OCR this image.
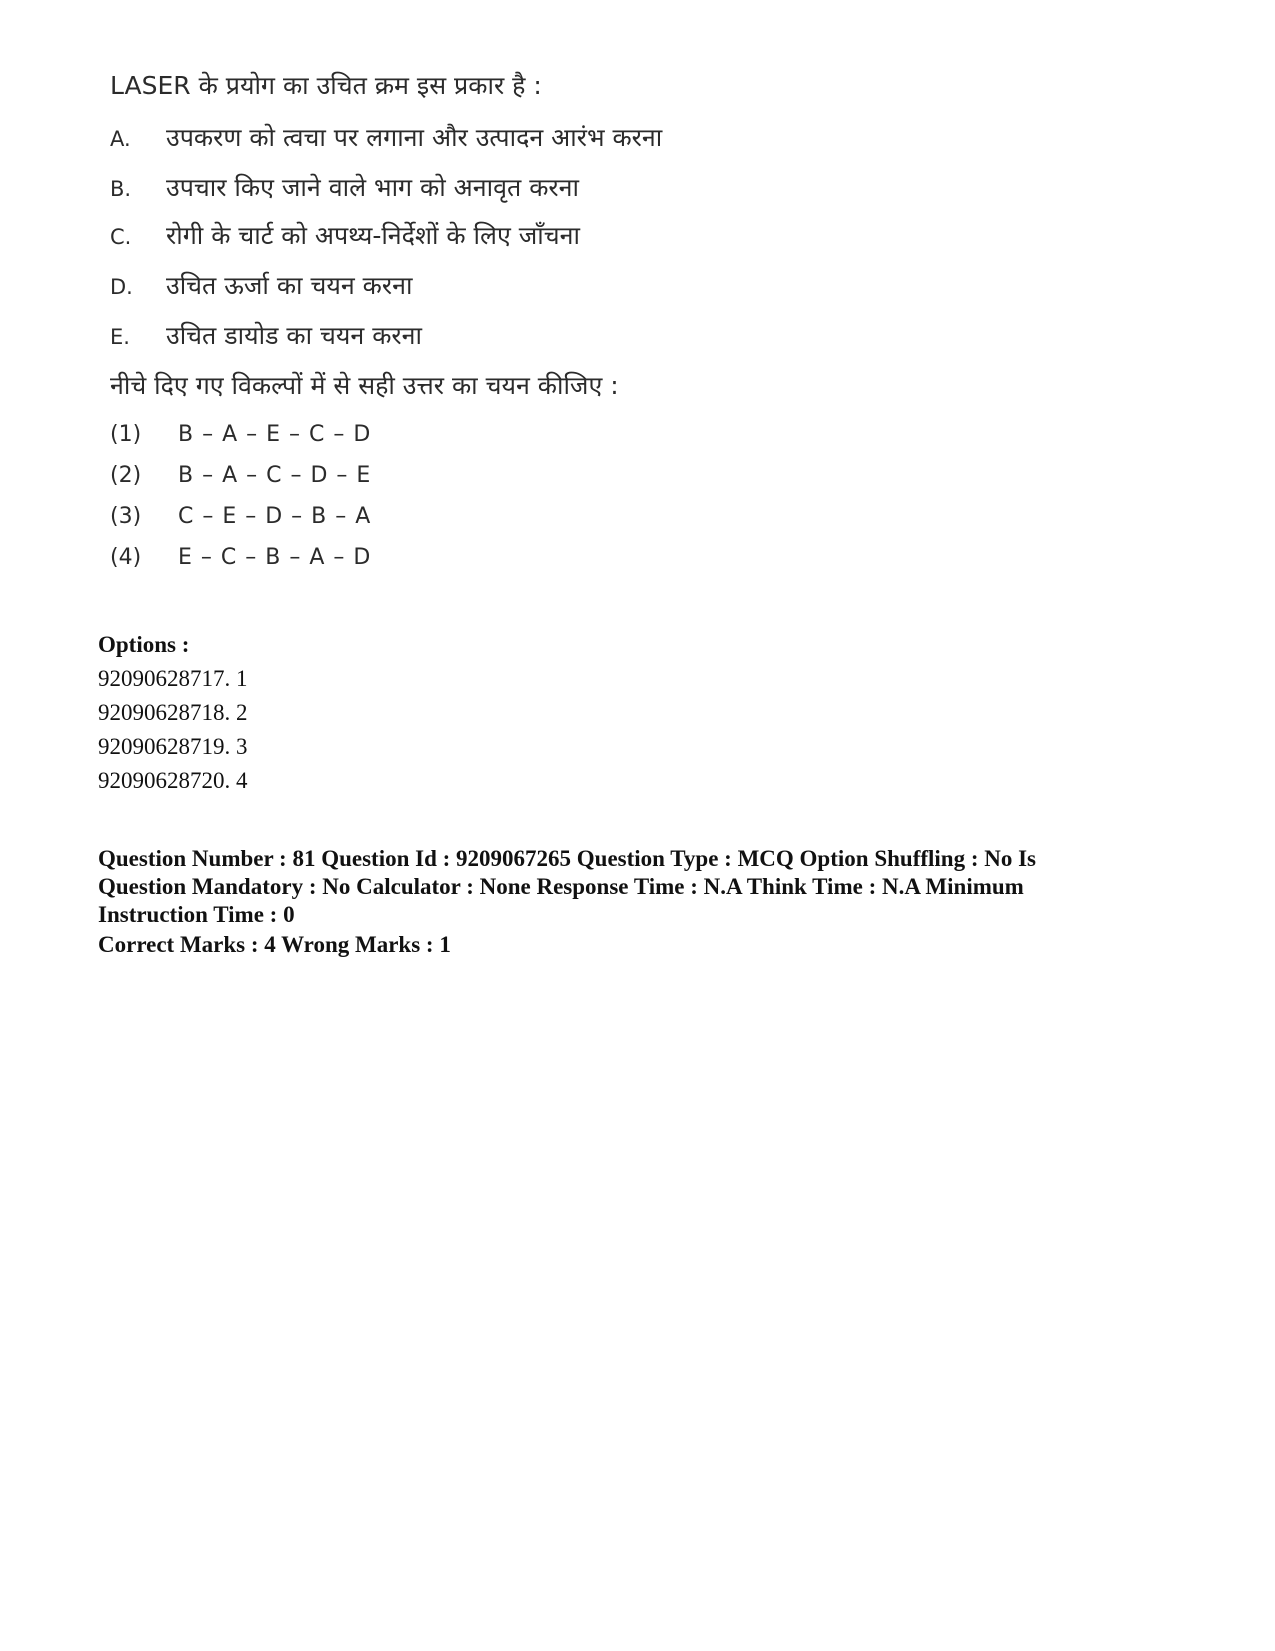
LASER के प्रयोग का उचित क्रम इस प्रकार है :
A. उपकरण को त्वचा पर लगाना और उत्पादन आरंभ करना
B. उपचार किए जाने वाले भाग को अनावृत करना
C. रोगी के चार्ट को अपथ्य-निर्देशों के लिए जाँचना
D. उचित ऊर्जा का चयन करना
E. उचित डायोड का चयन करना
नीचे दिए गए विकल्पों में से सही उत्तर का चयन कीजिए :
(1) B – A – E – C – D
(2) B – A – C – D – E
(3) C – E – D – B – A
(4) E – C – B – A – D
Options :
92090628717. 1
92090628718. 2
92090628719. 3
92090628720. 4
Question Number : 81 Question Id : 9209067265 Question Type : MCQ Option Shuffling : No Is
Question Mandatory : No Calculator : None Response Time : N.A Think Time : N.A Minimum
Instruction Time : 0
Correct Marks : 4 Wrong Marks : 1
